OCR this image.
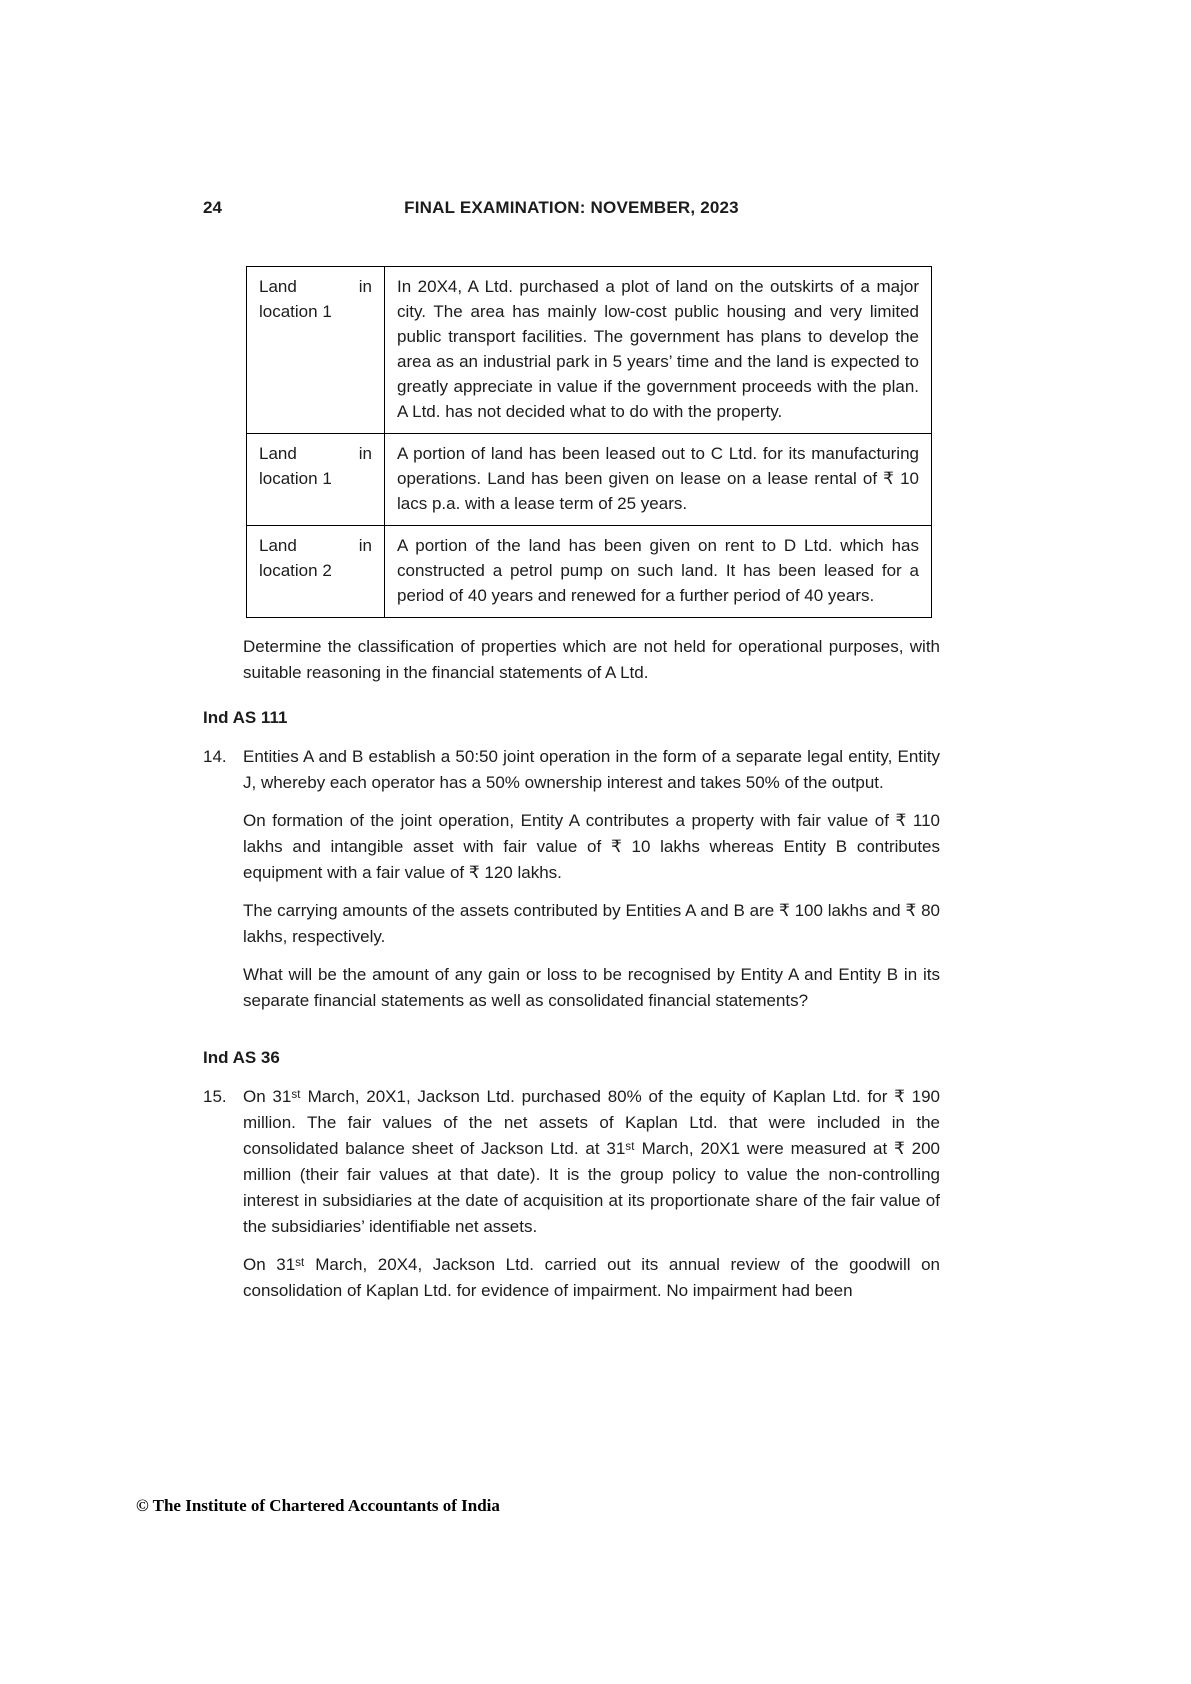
24	FINAL EXAMINATION: NOVEMBER, 2023
Land in location 1	In 20X4, A Ltd. purchased a plot of land on the outskirts of a major city. The area has mainly low-cost public housing and very limited public transport facilities. The government has plans to develop the area as an industrial park in 5 years’ time and the land is expected to greatly appreciate in value if the government proceeds with the plan. A Ltd. has not decided what to do with the property.
Land in location 1	A portion of land has been leased out to C Ltd. for its manufacturing operations. Land has been given on lease on a lease rental of ₹ 10 lacs p.a. with a lease term of 25 years.
Land in location 2	A portion of the land has been given on rent to D Ltd. which has constructed a petrol pump on such land. It has been leased for a period of 40 years and renewed for a further period of 40 years.

Determine the classification of properties which are not held for operational purposes, with suitable reasoning in the financial statements of A Ltd.

Ind AS 111
14. Entities A and B establish a 50:50 joint operation in the form of a separate legal entity, Entity J, whereby each operator has a 50% ownership interest and takes 50% of the output.

On formation of the joint operation, Entity A contributes a property with fair value of ₹ 110 lakhs and intangible asset with fair value of ₹ 10 lakhs whereas Entity B contributes equipment with a fair value of ₹ 120 lakhs.

The carrying amounts of the assets contributed by Entities A and B are ₹ 100 lakhs and ₹ 80 lakhs, respectively.

What will be the amount of any gain or loss to be recognised by Entity A and Entity B in its separate financial statements as well as consolidated financial statements?

Ind AS 36
15. On 31ˢᵗ March, 20X1, Jackson Ltd. purchased 80% of the equity of Kaplan Ltd. for ₹ 190 million. The fair values of the net assets of Kaplan Ltd. that were included in the consolidated balance sheet of Jackson Ltd. at 31ˢᵗ March, 20X1 were measured at ₹ 200 million (their fair values at that date). It is the group policy to value the non-controlling interest in subsidiaries at the date of acquisition at its proportionate share of the fair value of the subsidiaries’ identifiable net assets.

On 31ˢᵗ March, 20X4, Jackson Ltd. carried out its annual review of the goodwill on consolidation of Kaplan Ltd. for evidence of impairment. No impairment had been

© The Institute of Chartered Accountants of India
